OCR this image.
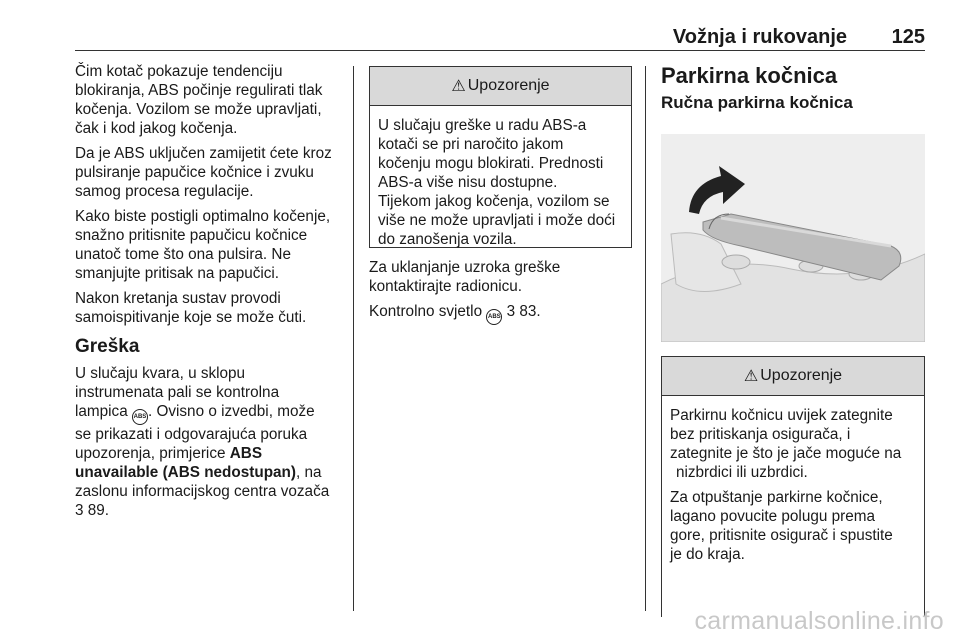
Vožnja i rukovanje 125

Čim kotač pokazuje tendenciju
blokiranja, ABS počinje regulirati tlak
kočenja. Vozilom se može upravljati,
čak i kod jakog kočenja.

Da je ABS uključen zamijetit ćete kroz
pulsiranje papučice kočnice i zvuku
samog procesa regulacije.

Kako biste postigli optimalno kočenje,
snažno pritisnite papučicu kočnice
unatoč tome što ona pulsira. Ne
smanjujte pritisak na papučici.

Nakon kretanja sustav provodi
samoispitivanje koje se može čuti.

Greška

U slučaju kvara, u sklopu
instrumenata pali se kontrolna
lampica ABS . Ovisno o izvedbi, može
se prikazati i odgovarajuća poruka
upozorenja, primjerice ABS
unavailable (ABS nedostupan), na
zaslonu informacijskog centra vozača
3 89.

⚠ Upozorenje

U slučaju greške u radu ABS-a
kotači se pri naročito jakom
kočenju mogu blokirati. Prednosti
ABS-a više nisu dostupne.
Tijekom jakog kočenja, vozilom se
više ne može upravljati i može doći
do zanošenja vozila.

Za uklanjanje uzroka greške
kontaktirajte radionicu.

Kontrolno svjetlo ABS 3 83.

Parkirna kočnica
Ručna parkirna kočnica
⚠ Upozorenje

Parkirnu kočnicu uvijek zategnite
bez pritiskanja osigurača, i
zategnite je što je jače moguće na
nizbrdici ili uzbrdici.

Za otpuštanje parkirne kočnice,
lagano povucite polugu prema
gore, pritisnite osigurač i spustite
je do kraja.

carmanualsonline.info
